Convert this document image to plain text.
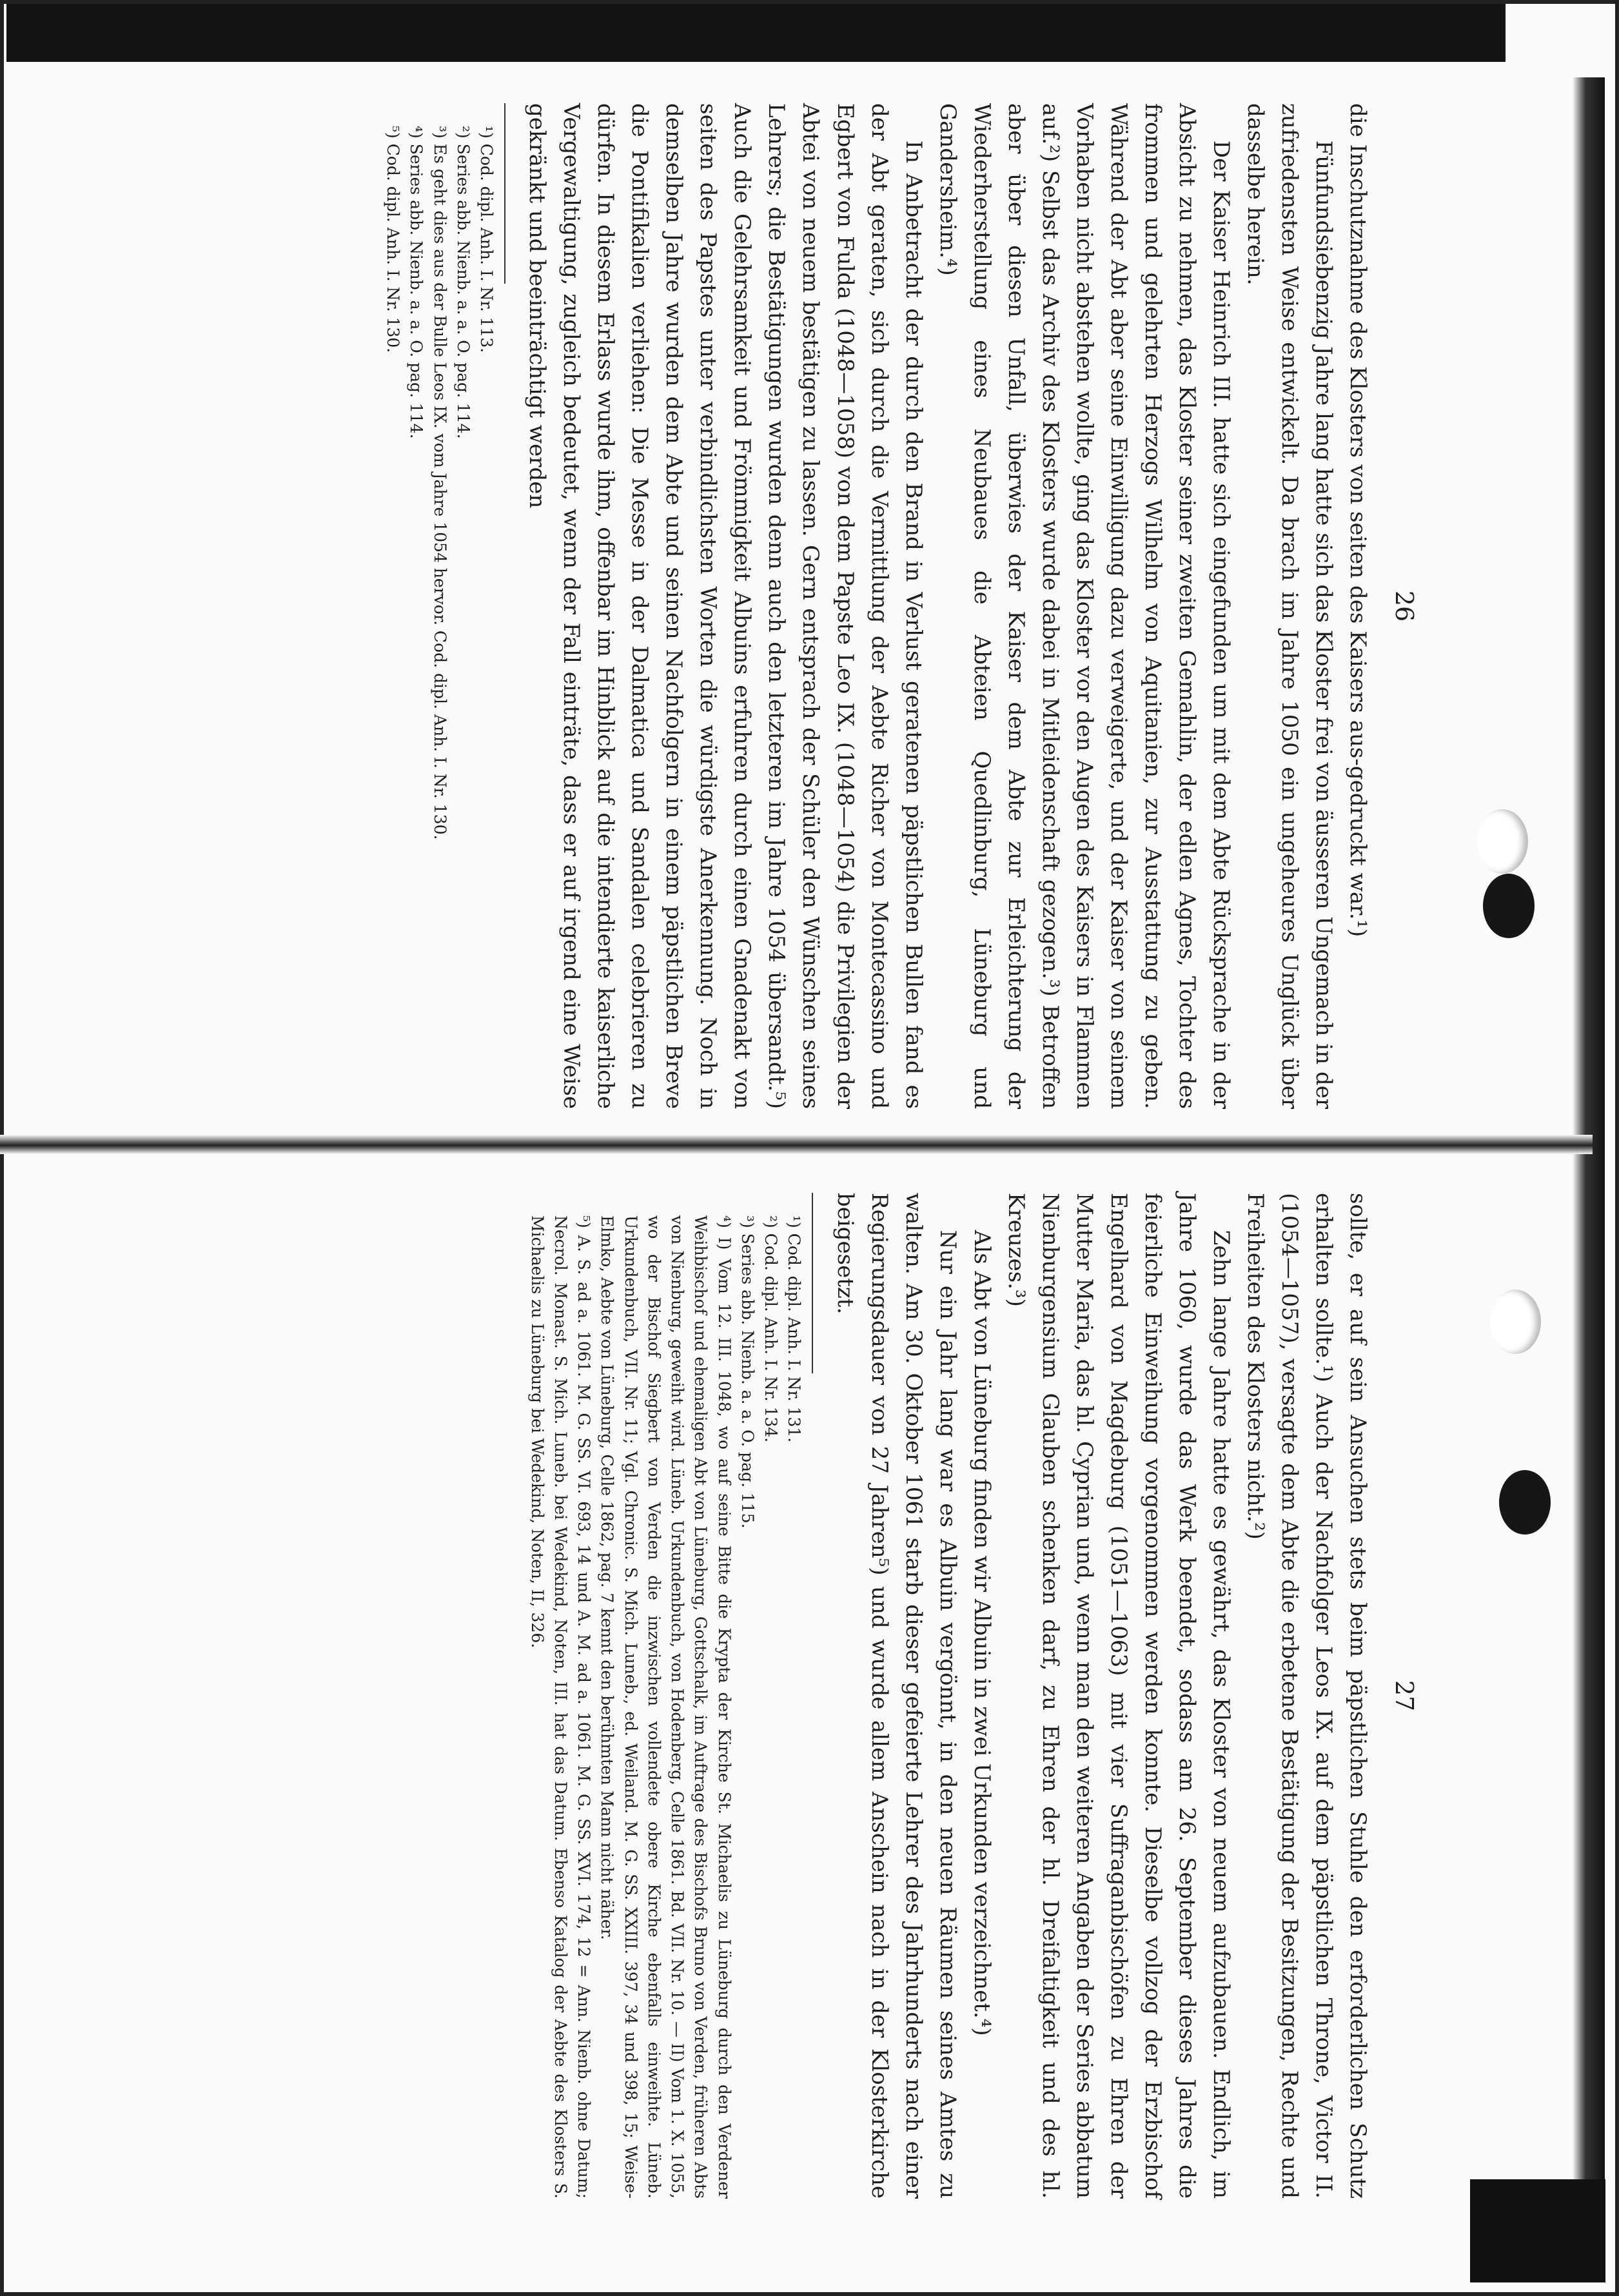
26

die Inschutznahme des Klosters von seiten des Kaisers aus-gedruckt war.¹)

Fünfundsiebenzig Jahre lang hatte sich das Kloster frei von äusseren Ungemach in der zufriedensten Weise entwickelt. Da brach im Jahre 1050 ein ungeheures Unglück über dasselbe herein.

Der Kaiser Heinrich III. hatte sich eingefunden um mit dem Abte Rücksprache in der Absicht zu nehmen, das Kloster seiner zweiten Gemahlin, der edlen Agnes, Tochter des frommen und gelehrten Herzogs Wilhelm von Aquitanien, zur Ausstattung zu geben. Während der Abt aber seine Einwilligung dazu verweigerte, und der Kaiser von seinem Vorhaben nicht abstehen wollte, ging das Kloster vor den Augen des Kaisers in Flammen auf.²) Selbst das Archiv des Klosters wurde dabei in Mitleidenschaft gezogen.³) Betroffen aber über diesen Unfall, überwies der Kaiser dem Abte zur Erleichterung der Wiederherstellung eines Neubaues die Abteien Quedlinburg, Lüneburg und Gandersheim.⁴)

In Anbetracht der durch den Brand in Verlust geratenen päpstlichen Bullen fand es der Abt geraten, sich durch die Vermittlung der Aebte Richer von Montecassino und Egbert von Fulda (1048—1058) von dem Papste Leo IX. (1048—1054) die Privilegien der Abtei von neuem bestätigen zu lassen. Gern entsprach der Schüler den Wünschen seines Lehrers; die Bestätigungen wurden denn auch den letzteren im Jahre 1054 übersandt.⁵) Auch die Gelehrsamkeit und Frömmigkeit Albuins erfuhren durch einen Gnadenakt von seiten des Papstes unter verbindlichsten Worten die würdigste Anerkennung. Noch in demselben Jahre wurden dem Abte und seinen Nachfolgern in einem päpstlichen Breve die Pontifikalien verliehen: Die Messe in der Dalmatica und Sandalen celebrieren zu dürfen. In diesem Erlass wurde ihm, offenbar im Hinblick auf die intendierte kaiserliche Vergewaltigung, zugleich bedeutet, wenn der Fall einträte, dass er auf irgend eine Weise gekränkt und beeinträchtigt werden

¹) Cod. dipl. Anh. I. Nr. 113.

²) Series abb. Nienb. a. a. O. pag. 114.

³) Es geht dies aus der Bulle Leos IX. vom Jahre 1054 hervor. Cod. dipl. Anh. I. Nr. 130.

⁴) Series abb. Nienb. a. a. O. pag. 114.

⁵) Cod. dipl. Anh. I. Nr. 130.

27

sollte, er auf sein Ansuchen stets beim päpstlichen Stuhle den erforderlichen Schutz erhalten sollte.¹) Auch der Nachfolger Leos IX. auf dem päpstlichen Throne, Victor II. (1054—1057), versagte dem Abte die erbetene Bestätigung der Besitzungen, Rechte und Freiheiten des Klosters nicht.²)

Zehn lange Jahre hatte es gewährt, das Kloster von neuem aufzubauen. Endlich, im Jahre 1060, wurde das Werk beendet, sodass am 26. September dieses Jahres die feierliche Einweihung vorgenommen werden konnte. Dieselbe vollzog der Erzbischof Engelhard von Magdeburg (1051—1063) mit vier Suffraganbischöfen zu Ehren der Mutter Maria, das hl. Cyprian und, wenn man den weiteren Angaben der Series abbatum Nienburgensium Glauben schenken darf, zu Ehren der hl. Dreifaltigkeit und des hl. Kreuzes.³)

Als Abt von Lüneburg finden wir Albuin in zwei Urkunden verzeichnet.⁴)

Nur ein Jahr lang war es Albuin vergönnt, in den neuen Räumen seines Amtes zu walten. Am 30. Oktober 1061 starb dieser gefeierte Lehrer des Jahrhunderts nach einer Regierungsdauer von 27 Jahren⁵) und wurde allem Anschein nach in der Klosterkirche beigesetzt.

¹) Cod. dipl. Anh. I. Nr. 131.

²) Cod. dipl. Anh. I. Nr. 134.

³) Series abb. Nienb. a. a. O. pag. 115.

⁴) I) Vom 12. III. 1048, wo auf seine Bitte die Krypta der Kirche St. Michaelis zu Lüneburg durch den Verdener Weihbischof und ehemaligen Abt von Lüneburg, Gottschalk, im Auftrage des Bischofs Bruno von Verden, früheren Abts von Nienburg, geweiht wird. Lüneb. Urkundenbuch, von Hodenberg, Celle 1861. Bd. VII. Nr. 10. — II) Vom 1. X. 1055, wo der Bischof Siegbert von Verden die inzwischen vollendete obere Kirche ebenfalls einweihte. Lüneb. Urkundenbuch, VII. Nr. 11; Vgl. Chronic. S. Mich. Luneb., ed. Weiland. M. G. SS. XXIII. 397, 34 und 398, 15; Weise-Elmko, Aebte von Lüneburg, Celle 1862, pag. 7 kennt den berühmten Mann nicht näher.

⁵) A. S. ad a. 1061. M. G. SS. VI. 693, 14 und A. M. ad a. 1061. M. G. SS. XVI. 174, 12 = Ann. Nienb. ohne Datum; Necrol. Monast. S. Mich. Luneb. bei Wedekind, Noten, III. hat das Datum. Ebenso Katalog der Aebte des Klosters S. Michaelis zu Lüneburg bei Wedekind, Noten, II, 326.
